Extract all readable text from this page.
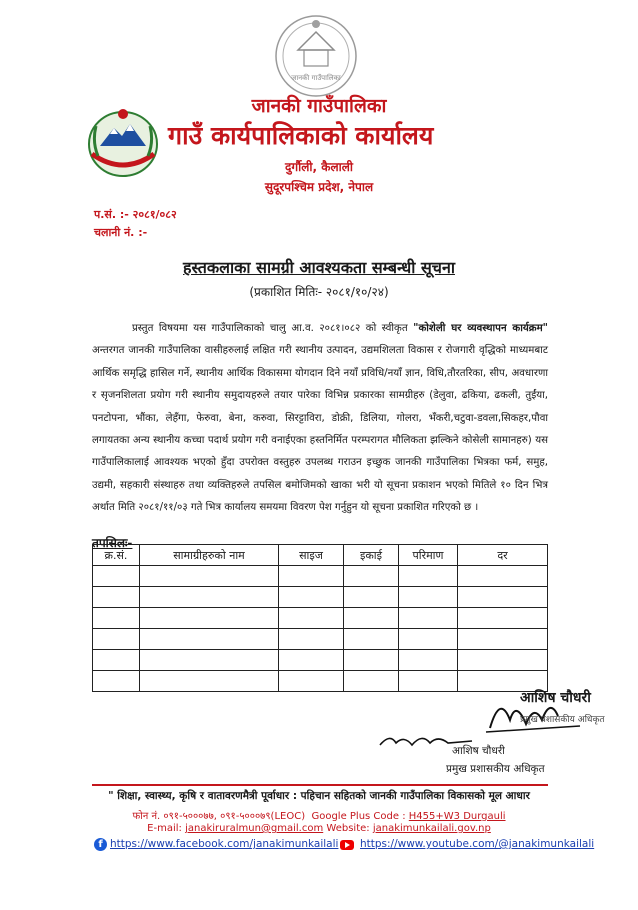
जानकी गाउँपालिका
जानकी गाउँपालिका
गाउँ कार्यपालिकाको कार्यालय
दुर्गौली, कैलाली
सुदूरपश्चिम प्रदेश, नेपाल
प.सं. :- २०८१/०८२
चलानी नं. :-
हस्तकलाका सामग्री आवश्यकता सम्बन्धी सूचना
(प्रकाशित मितिः- २०८१/१०/२४)

प्रस्तुत विषयमा यस गाउँपालिकाको चालु आ.व. २०८१।०८२ को स्वीकृत "कोशेली घर व्यवस्थापन कार्यक्रम" अन्तरगत जानकी गाउँपालिका वासीहरुलाई लक्षित गरी स्थानीय उत्पादन, उद्यमशिलता विकास र रोजगारी वृद्धिको माध्यमबाट आर्थिक समृद्धि हासिल गर्ने, स्थानीय आर्थिक विकासमा योगदान दिने नयाँ प्रविधि/नयाँ ज्ञान, विधि,तौरतरिका, सीप, अवधारणा र सृजनशिलता प्रयोग गरी स्थानीय समुदायहरुले तयार पारेका विभिन्न प्रकारका सामग्रीहरु (डेलुवा, ढकिया, ढकली, तुईंया, पनटोपना, भौंका, लेहँगा, फेरुवा, बेना, करुवा, सिरट्टाविरा, डोक्री, डिलिया, गोलरा, भँकरी,चटुवा-डवला,सिकहर,पौवा लगायतका अन्य स्थानीय कच्चा पदार्थ प्रयोग गरी वनाईएका हस्तनिर्मित परम्परागत मौलिकता झल्किने कोसेली सामानहरु) यस गाउँपालिकालाई आवश्यक भएको हुँदा उपरोक्त वस्तुहरु उपलब्ध गराउन इच्छुक जानकी गाउँपालिका भित्रका फर्म, समुह, उद्यमी, सहकारी संस्थाहरु तथा व्यक्तिहरुले तपसिल बमोजिमको खाका भरी यो सूचना प्रकाशन भएको मितिले १० दिन भित्र अर्थात मिति २०८१/११/०३ गते भित्र कार्यालय समयमा विवरण पेश गर्नुहुन यो सूचना प्रकाशित गरिएको छ ।

तपसिलः-
क्र.सं.	सामाग्रीहरुको नाम	साइज	इकाई	परिमाण	दर

आशिष चौधरी
प्रमुख प्रशासकीय अधिकृत
आशिष चौधरी
प्रमुख प्रशासकीय अधिकृत
" शिक्षा, स्वास्थ्य, कृषि र वातावरणमैत्री पूर्वाधार : पहिचान सहितको जानकी गाउँपालिका विकासको मूल आधार
फोन नं. ०९१-५०००७७, ०९१-५०००७९(LEOC) Google Plus Code : H455+W3 Durgauli
E-mail: janakiruralmun@gmail.com Website: janakimunkailali.gov.np
f https://www.facebook.com/janakimunkailali https://www.youtube.com/@janakimunkailali
